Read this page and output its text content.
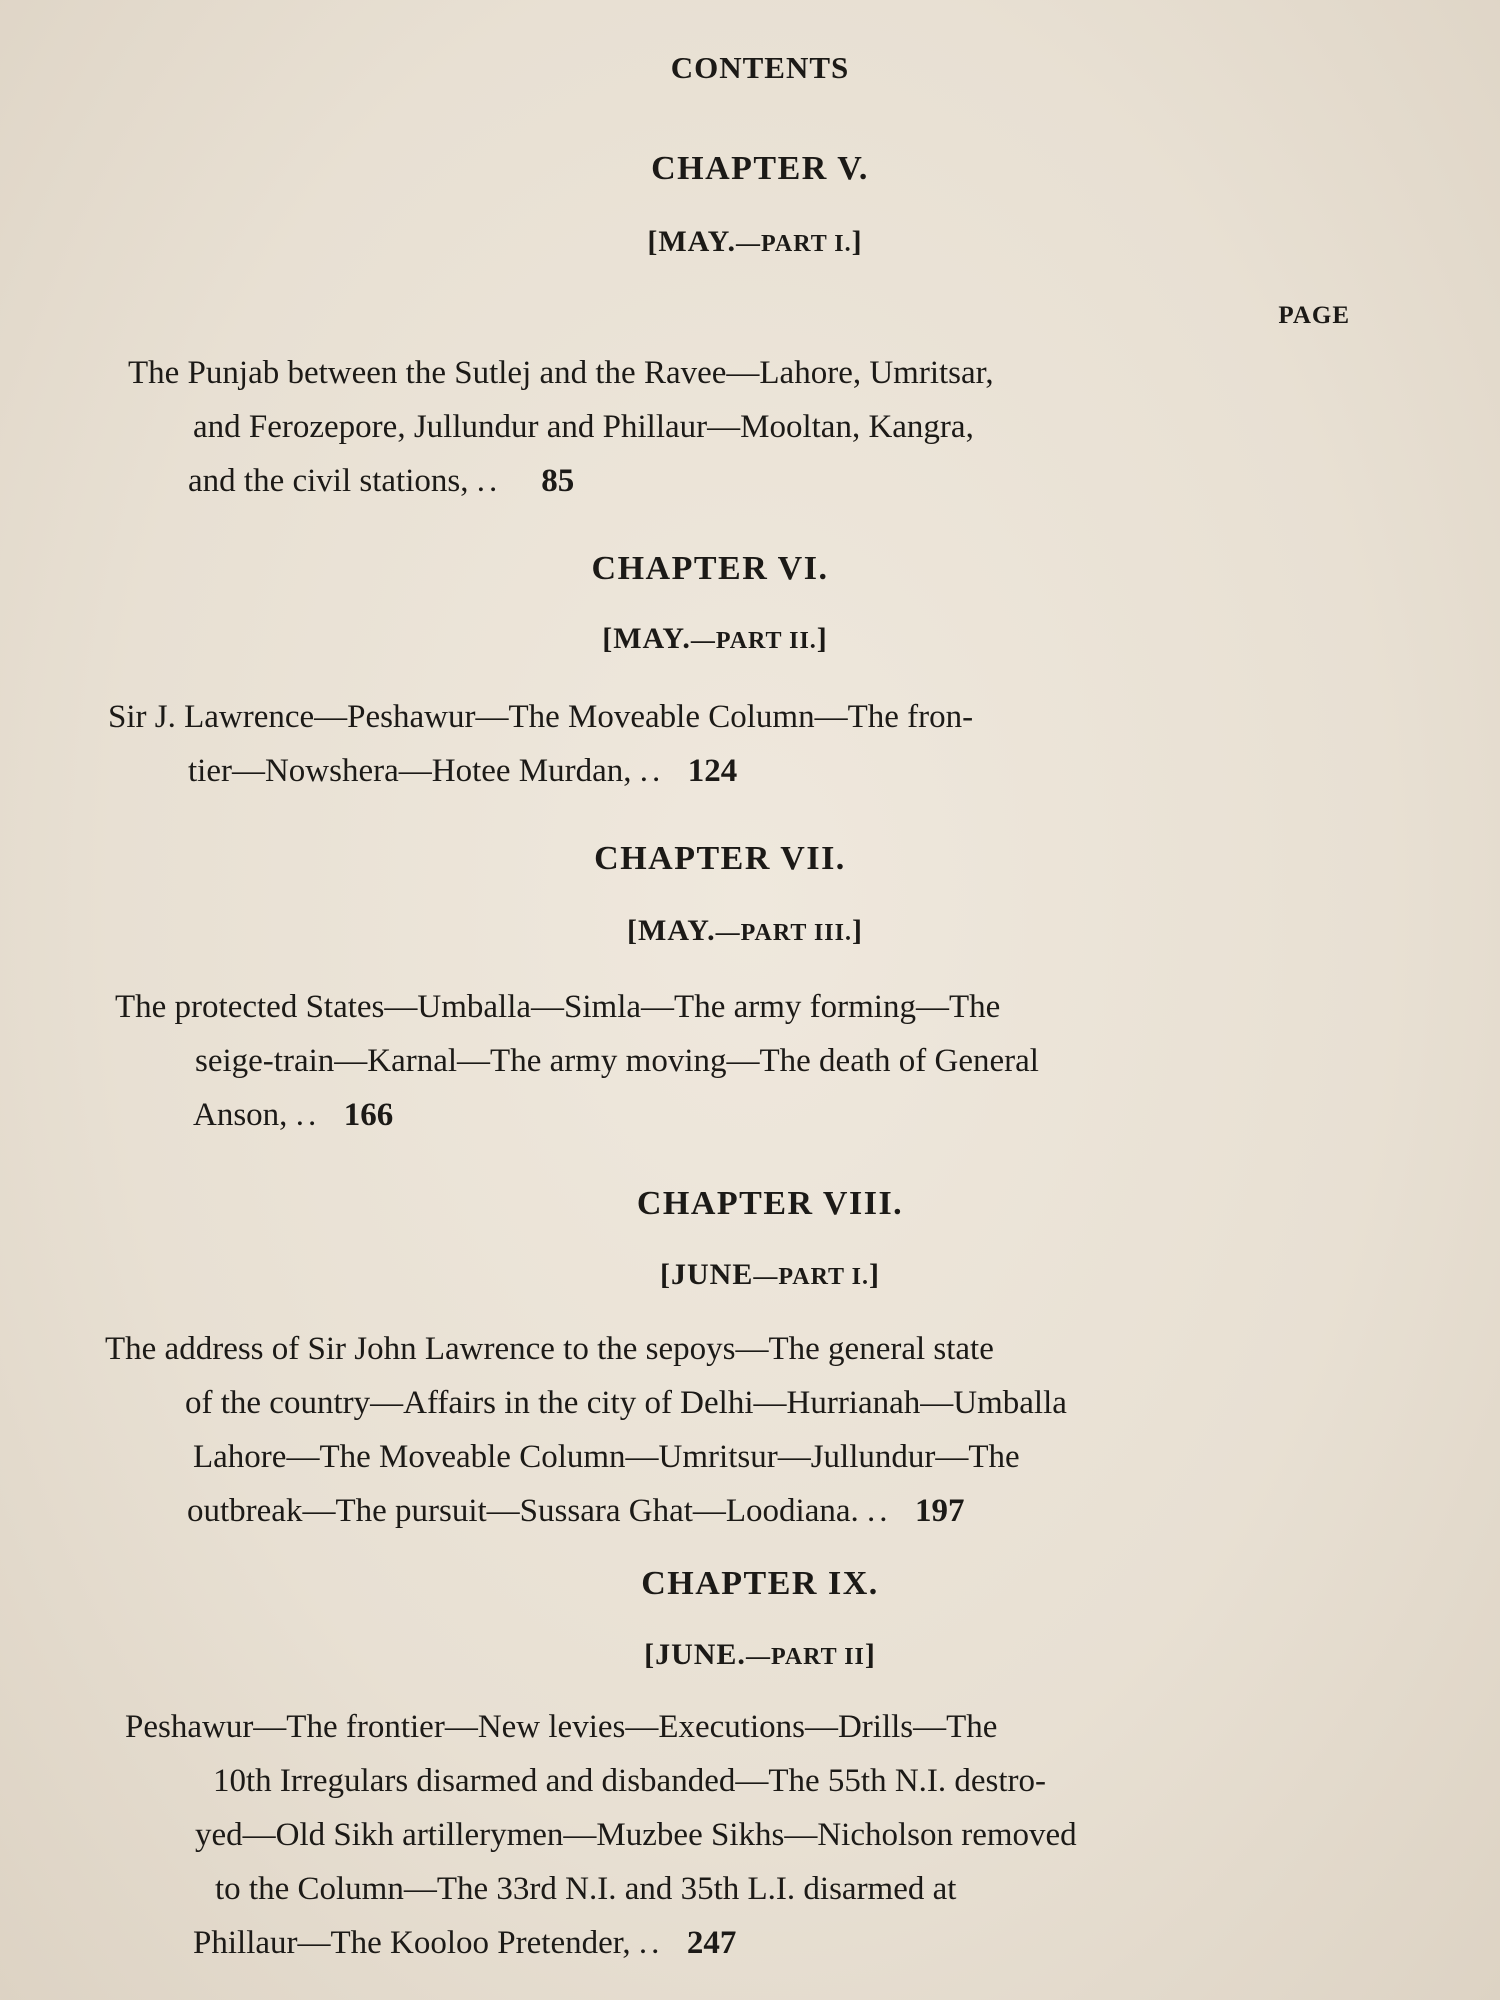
CONTENTS
CHAPTER V.
[MAY.—PART I.]
PAGE
The Punjab between the Sutlej and the Ravee—Lahore, Umritsar,
and Ferozepore, Jullundur and Phillaur—Mooltan, Kangra,
and the civil stations, ..	85
CHAPTER VI.
[MAY.—PART II.]
Sir J. Lawrence—Peshawur—The Moveable Column—The fron-
tier—Nowshera—Hotee Murdan, .. 124
CHAPTER VII.
[MAY.—PART III.]
The protected States—Umballa—Simla—The army forming—The
seige-train—Karnal—The army moving—The death of General
Anson, .. 166
CHAPTER VIII.
[JUNE—PART I.]
The address of Sir John Lawrence to the sepoys—The general state
of the country—Affairs in the city of Delhi—Hurrianah—Umballa
Lahore—The Moveable Column—Umritsur—Jullundur—The
outbreak—The pursuit—Sussara Ghat—Loodiana. .. 197
CHAPTER IX.
[JUNE.—PART II]
Peshawur—The frontier—New levies—Executions—Drills—The
10th Irregulars disarmed and disbanded—The 55th N.I. destro-
yed—Old Sikh artillerymen—Muzbee Sikhs—Nicholson removed
to the Column—The 33rd N.I. and 35th L.I. disarmed at
Phillaur—The Kooloo Pretender, .. 247
